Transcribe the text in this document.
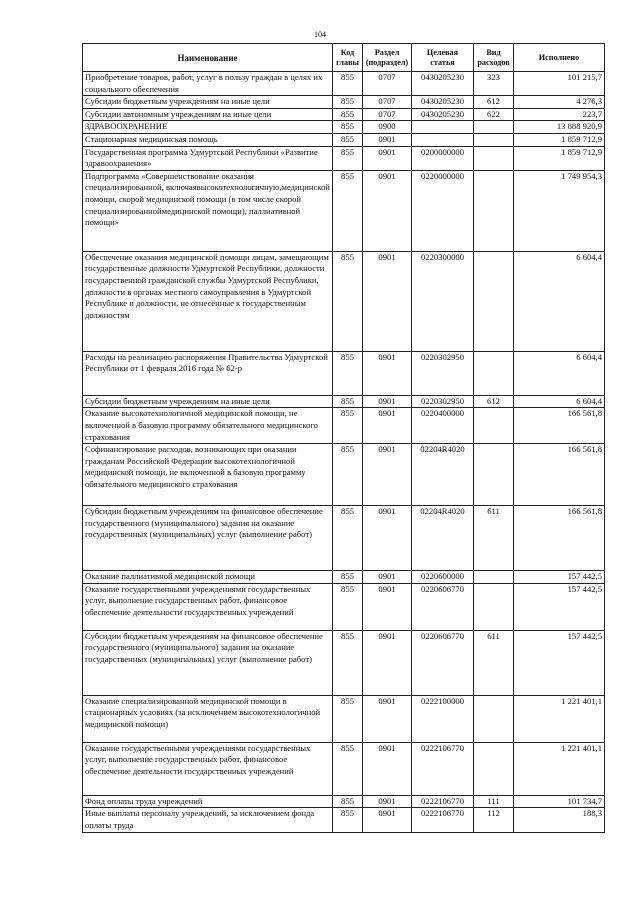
104
Наименование	Код главы	Раздел (подраздел)	Целевая статья	Вид расходов	Исполнено
Приобретение товаров, работ, услуг в пользу граждан в целях их социального обеспечения	855	0707	0430205230	323	101 215,7
Субсидии бюджетным учреждениям на иные цели	855	0707	0430205230	612	4 276,3
Субсидии автономным учреждениям на иные цели	855	0707	0430205230	622	223,7
ЗДРАВООХРАНЕНИЕ	855	0900			13 888 920,9
Стационарная медицинская помощь	855	0901			1 859 712,9
Государственная программа Удмуртской Республики «Развитие здравоохранения»	855	0901	0200000000		1 859 712,9
Подпрограмма «Совершенствование оказания специализированной, включаявысокотехнологичную,медицинской помощи, скорой медицинской помощи (в том числе скорой специализированноймедицинской помощи), паллиативной помощи»	855	0901	0220000000		1 749 954,3
Обеспечение оказания медицинской помощи лицам, замещающим государственные должности Удмуртской Республики, должности государственной гражданской службы Удмуртской Республики, должности в органах местного самоуправления в Удмуртской Республике и должности, не отнесённые к государственным должностям	855	0901	0220300000		6 604,4
Расходы на реализацию распоряжения Правительства Удмуртской Республики от 1 февраля 2016 года № 62-р	855	0901	0220302950		6 604,4
Субсидии бюджетным учреждениям на иные цели	855	0901	0220302950	612	6 604,4
Оказание высокотехнологичной медицинской помощи, не включенной в базовую программу обязательного медицинского страхования	855	0901	0220400000		166 561,8
Софинансирование расходов, возникающих при оказании гражданам Российской Федерации высокотехнологичной медицинской помощи, не включенной в базовую программу обязательного медицинского страхования	855	0901	02204R4020		166 561,8
Субсидии бюджетным учреждениям на финансовое обеспечение государственного (муниципального) задания на оказание государственных (муниципальных) услуг (выполнение работ)	855	0901	02204R4020	611	166 561,8
Оказание паллиативной медицинской помощи	855	0901	0220600000		157 442,5
Оказание государственными учреждениями государственных услуг, выполнение государственных работ, финансовое обеспечение деятельности государственных учреждений	855	0901	0220606770		157 442,5
Субсидии бюджетным учреждениям на финансовое обеспечение государственного (муниципального) задания на оказание государственных (муниципальных) услуг (выполнение работ)	855	0901	0220606770	611	157 442,5
Оказание специализированной медицинской помощи в стационарных условиях (за исключением высокотехнологичной медицинской помощи)	855	0901	0222100000		1 221 401,1
Оказание государственными учреждениями государственных услуг, выполнение государственных работ, финансовое обеспечение деятельности государственных учреждений	855	0901	0222106770		1 221 401,1
Фонд оплаты труда учреждений	855	0901	0222106770	111	101 734,7
Иные выплаты персоналу учреждений, за исключением фонда оплаты труда	855	0901	0222106770	112	188,3
